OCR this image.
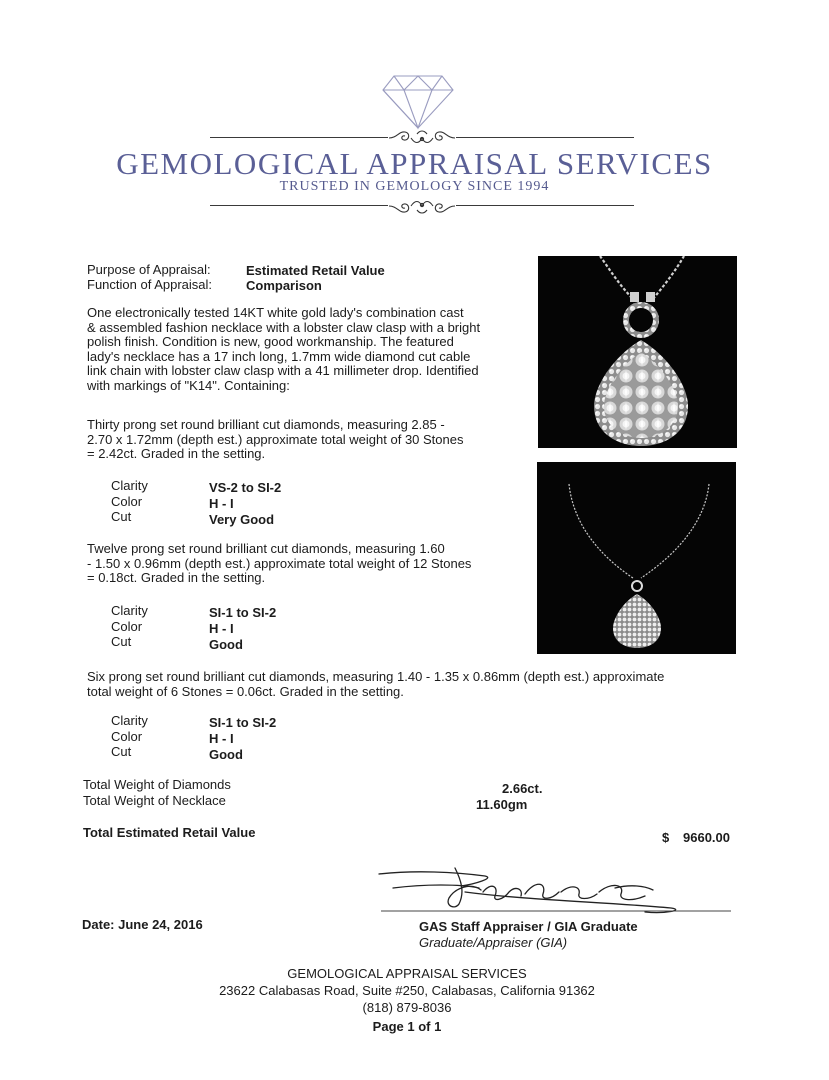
GEMOLOGICAL APPRAISAL SERVICES
TRUSTED IN GEMOLOGY SINCE 1994
Purpose of Appraisal:	Estimated Retail Value
Function of Appraisal:	Comparison
One electronically tested 14KT white gold lady's combination cast
& assembled fashion necklace with a lobster claw clasp with a bright
polish finish. Condition is new, good workmanship. The featured
lady's necklace has a 17 inch long, 1.7mm wide diamond cut cable
link chain with lobster claw clasp with a 41 millimeter drop. Identified
with markings of "K14". Containing:
Thirty prong set round brilliant cut diamonds, measuring 2.85 -
2.70 x 1.72mm (depth est.) approximate total weight of 30 Stones
= 2.42ct. Graded in the setting.
Clarity	VS-2 to SI-2
Color	H - I
Cut	Very Good
Twelve prong set round brilliant cut diamonds, measuring 1.60
- 1.50 x 0.96mm (depth est.) approximate total weight of 12 Stones
= 0.18ct. Graded in the setting.
Clarity	SI-1 to SI-2
Color	H - I
Cut	Good
Six prong set round brilliant cut diamonds, measuring 1.40 - 1.35 x 0.86mm (depth est.) approximate
total weight of 6 Stones = 0.06ct. Graded in the setting.
Clarity	SI-1 to SI-2
Color	H - I
Cut	Good
Total Weight of Diamonds	2.66ct.
Total Weight of Necklace	11.60gm
Total Estimated Retail Value	$ 9660.00
Date: June 24, 2016	GAS Staff Appraiser / GIA Graduate
Graduate/Appraiser (GIA)
GEMOLOGICAL APPRAISAL SERVICES
23622 Calabasas Road, Suite #250, Calabasas, California 91362
(818) 879-8036
Page 1 of 1
